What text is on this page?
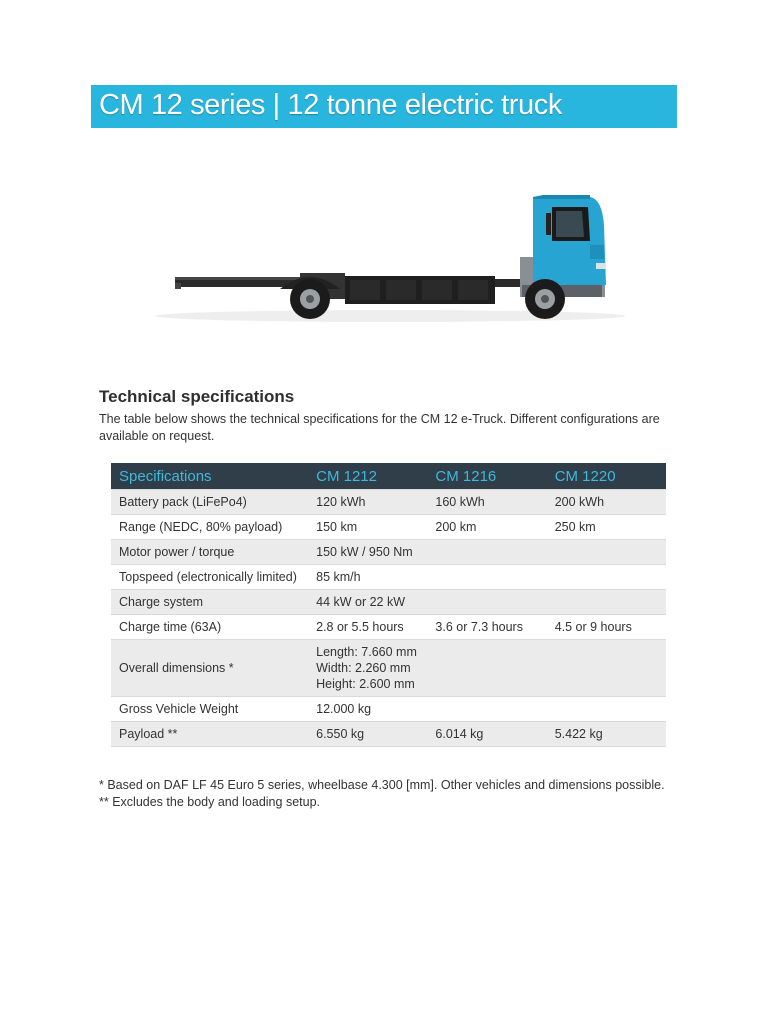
CM 12 series | 12 tonne electric truck
Technical specifications

The table below shows the technical specifications for the CM 12 e-Truck. Different configurations are available on request.

Specifications	CM 1212	CM 1216	CM 1220
Battery pack (LiFePo4)	120 kWh	160 kWh	200 kWh
Range (NEDC, 80% payload)	150 km	200 km	250 km
Motor power / torque	150 kW / 950 Nm		
Topspeed (electronically limited)	85 km/h		
Charge system	44 kW or 22 kW		
Charge time (63A)	2.8 or 5.5 hours	3.6 or 7.3 hours	4.5 or 9 hours
Overall dimensions *	Length: 7.660 mm
Width: 2.260 mm
Height: 2.600 mm		
Gross Vehicle Weight	12.000 kg		
Payload **	6.550 kg	6.014 kg	5.422 kg

* Based on DAF LF 45 Euro 5 series, wheelbase 4.300 [mm]. Other vehicles and dimensions possible.

** Excludes the body and loading setup.
